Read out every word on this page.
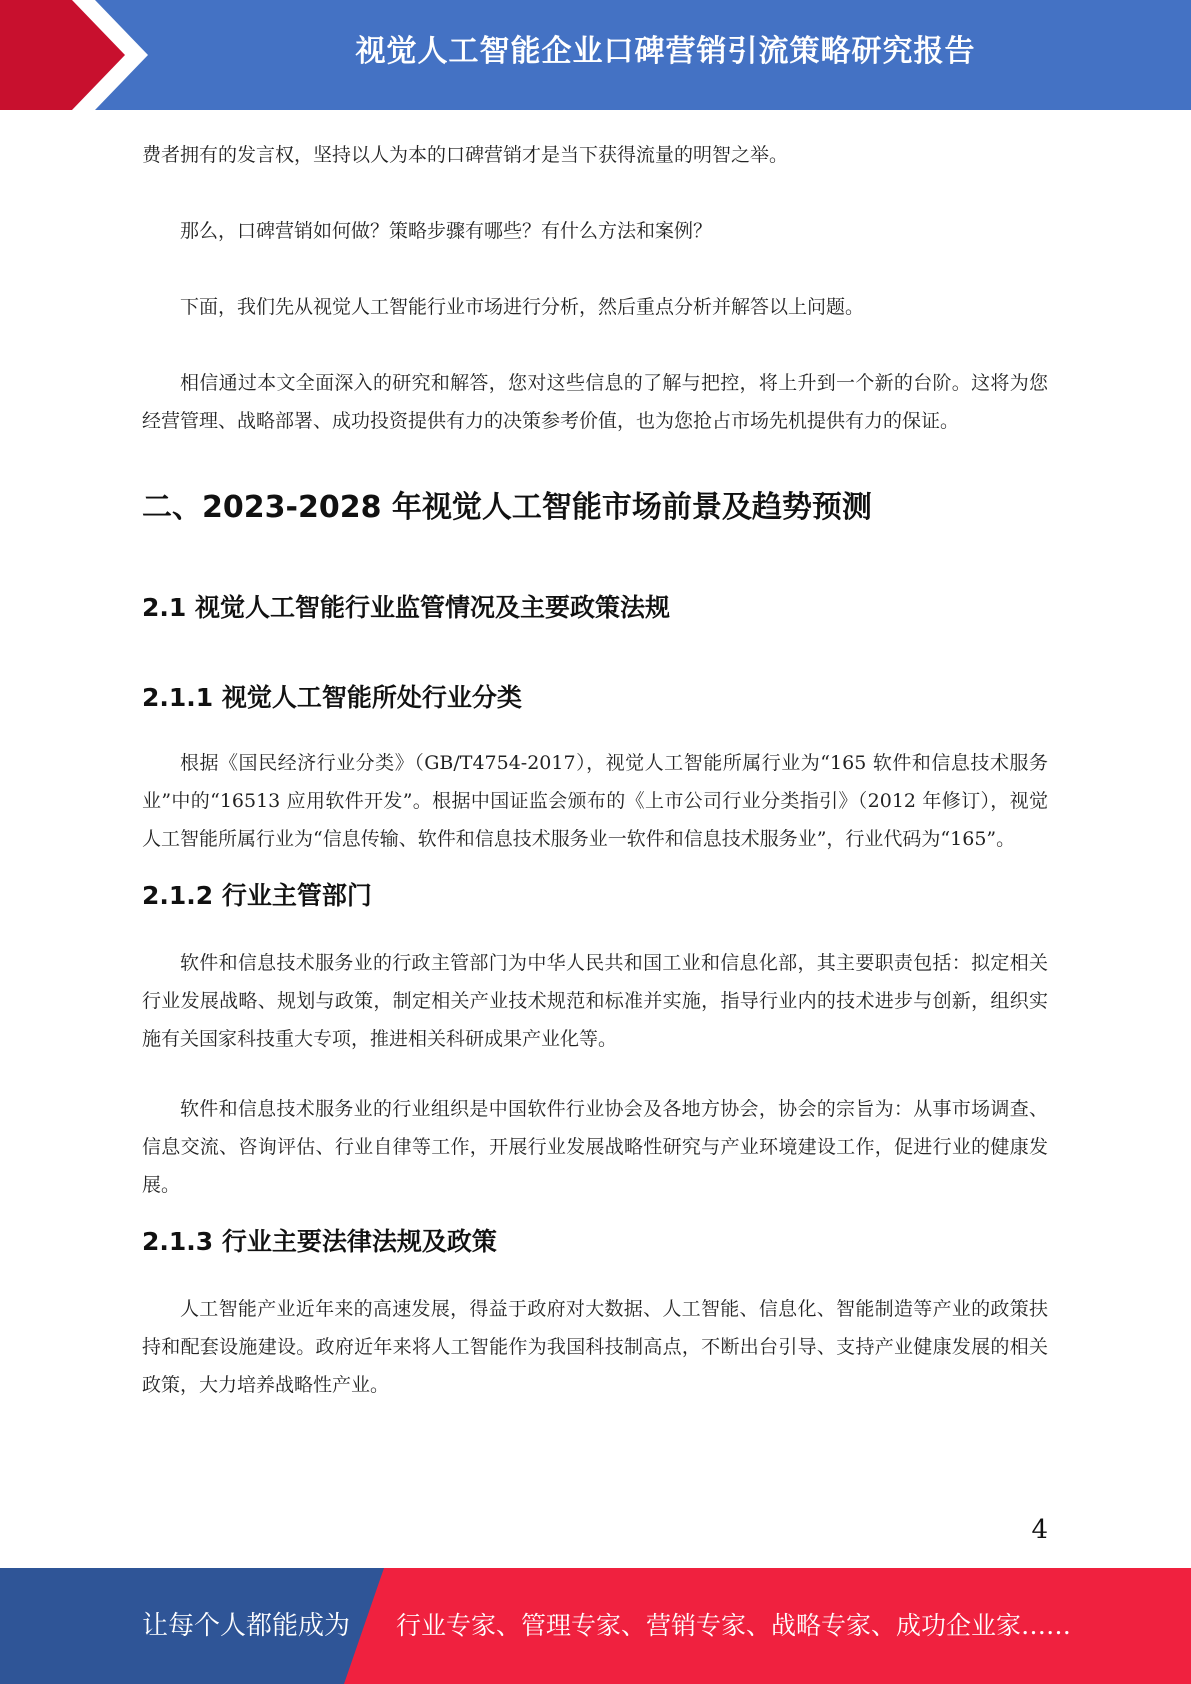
视觉人工智能企业口碑营销引流策略研究报告

费者拥有的发言权，坚持以人为本的口碑营销才是当下获得流量的明智之举。

那么，口碑营销如何做？策略步骤有哪些？有什么方法和案例？

下面，我们先从视觉人工智能行业市场进行分析，然后重点分析并解答以上问题。

相信通过本文全面深入的研究和解答，您对这些信息的了解与把控，将上升到一个新的台阶。这将为您经营管理、战略部署、成功投资提供有力的决策参考价值，也为您抢占市场先机提供有力的保证。

二、2023-2028 年视觉人工智能市场前景及趋势预测
2.1 视觉人工智能行业监管情况及主要政策法规
2.1.1 视觉人工智能所处行业分类

根据《国民经济行业分类》（GB/T4754-2017），视觉人工智能所属行业为“165 软件和信息技术服务业”中的“16513 应用软件开发”。根据中国证监会颁布的《上市公司行业分类指引》（2012 年修订），视觉人工智能所属行业为“信息传输、软件和信息技术服务业一软件和信息技术服务业”，行业代码为“165”。

2.1.2 行业主管部门

软件和信息技术服务业的行政主管部门为中华人民共和国工业和信息化部，其主要职责包括：拟定相关行业发展战略、规划与政策，制定相关产业技术规范和标准并实施，指导行业内的技术进步与创新，组织实施有关国家科技重大专项，推进相关科研成果产业化等。

软件和信息技术服务业的行业组织是中国软件行业协会及各地方协会，协会的宗旨为：从事市场调查、信息交流、咨询评估、行业自律等工作，开展行业发展战略性研究与产业环境建设工作，促进行业的健康发展。

2.1.3 行业主要法律法规及政策

人工智能产业近年来的高速发展，得益于政府对大数据、人工智能、信息化、智能制造等产业的政策扶持和配套设施建设。政府近年来将人工智能作为我国科技制高点，不断出台引导、支持产业健康发展的相关政策，大力培养战略性产业。

4
让每个人都能成为 行业专家、管理专家、营销专家、战略专家、成功企业家……
